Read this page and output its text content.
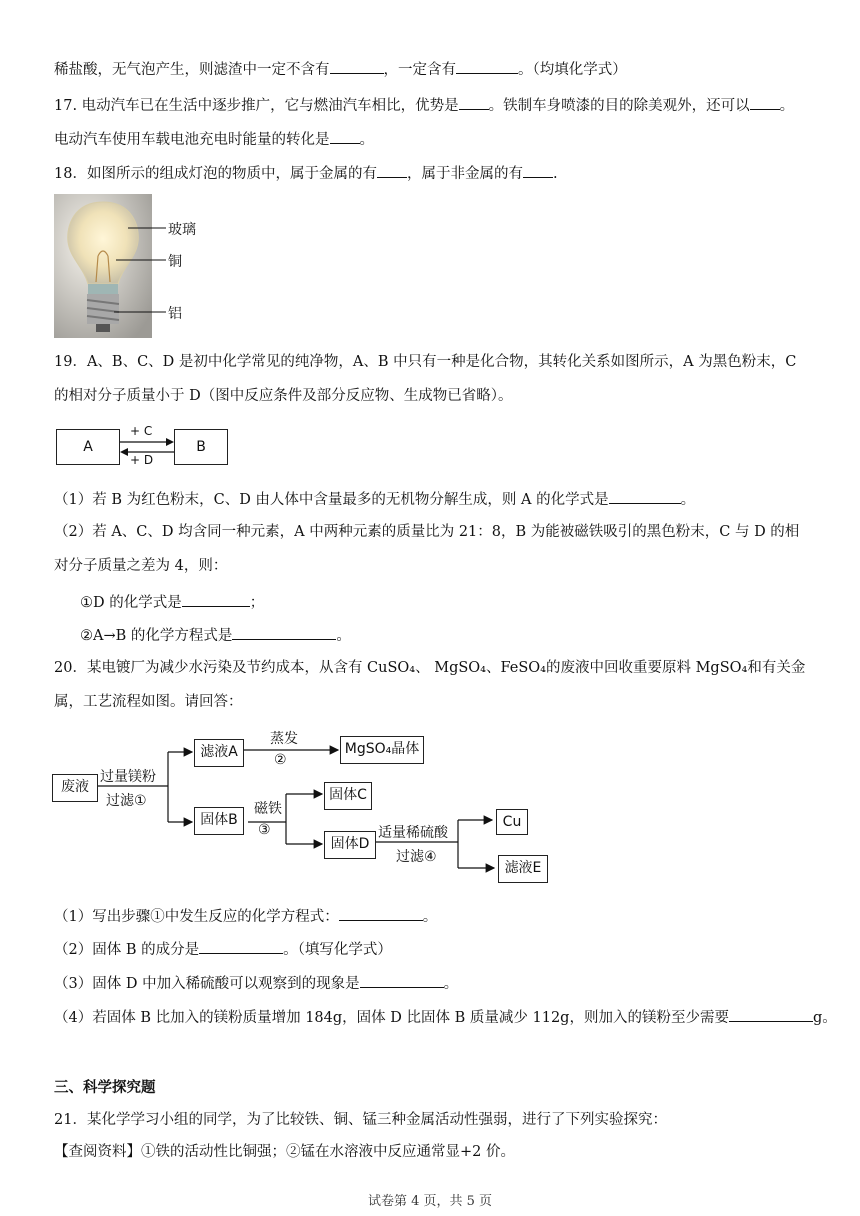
稀盐酸，无气泡产生，则滤渣中一定不含有	，一定含有	。（均填化学式）
17. 电动汽车已在生活中逐步推广，它与燃油汽车相比，优势是 。铁制车身喷漆的目的除美观外，还可以 。
电动汽车使用车载电池充电时能量的转化是 。
18．如图所示的组成灯泡的物质中，属于金属的有 ，属于非金属的有 .
玻璃
铜
铝
19．A、B、C、D 是初中化学常见的纯净物，A、B 中只有一种是化合物，其转化关系如图所示，A 为黑色粉末，C
的相对分子质量小于 D（图中反应条件及部分反应物、生成物已省略）。
A	B
+ C
+ D
（1）若 B 为红色粉末，C、D 由人体中含量最多的无机物分解生成，则 A 的化学式是	。
（2）若 A、C、D 均含同一种元素，A 中两种元素的质量比为 21：8，B 为能被磁铁吸引的黑色粉末，C 与 D 的相
对分子质量之差为 4，则：
①D 的化学式是	；
②A→B 的化学方程式是	。
20．某电镀厂为减少水污染及节约成本，从含有 CuSO₄、 MgSO₄、FeSO₄的废液中回收重要原料 MgSO₄和有关金
属，工艺流程如图。请回答：
废液
过量镁粉
过滤①
滤液A
蒸发
②
MgSO₄晶体
固体B
磁铁
③
固体C
固体D
适量稀硫酸
过滤④
Cu
滤液E
（1）写出步骤①中发生反应的化学方程式：	。
（2）固体 B 的成分是	。（填写化学式）
（3）固体 D 中加入稀硫酸可以观察到的现象是	。
（4）若固体 B 比加入的镁粉质量增加 184g，固体 D 比固体 B 质量减少 112g，则加入的镁粉至少需要	g。
三、科学探究题
21．某化学学习小组的同学，为了比较铁、铜、锰三种金属活动性强弱，进行了下列实验探究：
【查阅资料】①铁的活动性比铜强；②锰在水溶液中反应通常显+2 价。
试卷第 4 页，共 5 页
